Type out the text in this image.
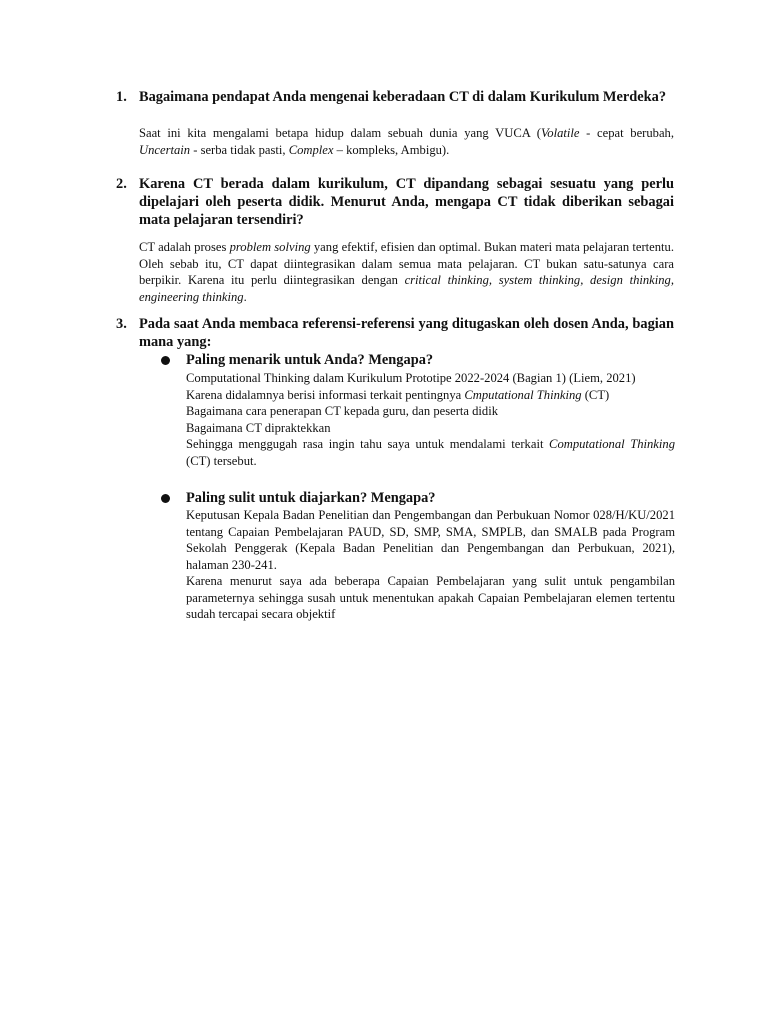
1. Bagaimana pendapat Anda mengenai keberadaan CT di dalam Kurikulum Merdeka?
Saat ini kita mengalami betapa hidup dalam sebuah dunia yang VUCA (Volatile - cepat berubah, Uncertain - serba tidak pasti, Complex – kompleks, Ambigu).
2. Karena CT berada dalam kurikulum, CT dipandang sebagai sesuatu yang perlu dipelajari oleh peserta didik. Menurut Anda, mengapa CT tidak diberikan sebagai mata pelajaran tersendiri?
CT adalah proses problem solving yang efektif, efisien dan optimal. Bukan materi mata pelajaran tertentu. Oleh sebab itu, CT dapat diintegrasikan dalam semua mata pelajaran. CT bukan satu-satunya cara berpikir. Karena itu perlu diintegrasikan dengan critical thinking, system thinking, design thinking, engineering thinking.
3. Pada saat Anda membaca referensi-referensi yang ditugaskan oleh dosen Anda, bagian mana yang:
Paling menarik untuk Anda? Mengapa?
Computational Thinking dalam Kurikulum Prototipe 2022-2024 (Bagian 1) (Liem, 2021)
Karena didalamnya berisi informasi terkait pentingnya Cmputational Thinking (CT)
Bagaimana cara penerapan CT kepada guru, dan peserta didik
Bagaimana CT dipraktekkan
Sehingga menggugah rasa ingin tahu saya untuk mendalami terkait Computational Thinking (CT) tersebut.
Paling sulit untuk diajarkan? Mengapa?
Keputusan Kepala Badan Penelitian dan Pengembangan dan Perbukuan Nomor 028/H/KU/2021 tentang Capaian Pembelajaran PAUD, SD, SMP, SMA, SMPLB, dan SMALB pada Program Sekolah Penggerak (Kepala Badan Penelitian dan Pengembangan dan Perbukuan, 2021), halaman 230-241.
Karena menurut saya ada beberapa Capaian Pembelajaran yang sulit untuk pengambilan parameternya sehingga susah untuk menentukan apakah Capaian Pembelajaran elemen tertentu sudah tercapai secara objektif
